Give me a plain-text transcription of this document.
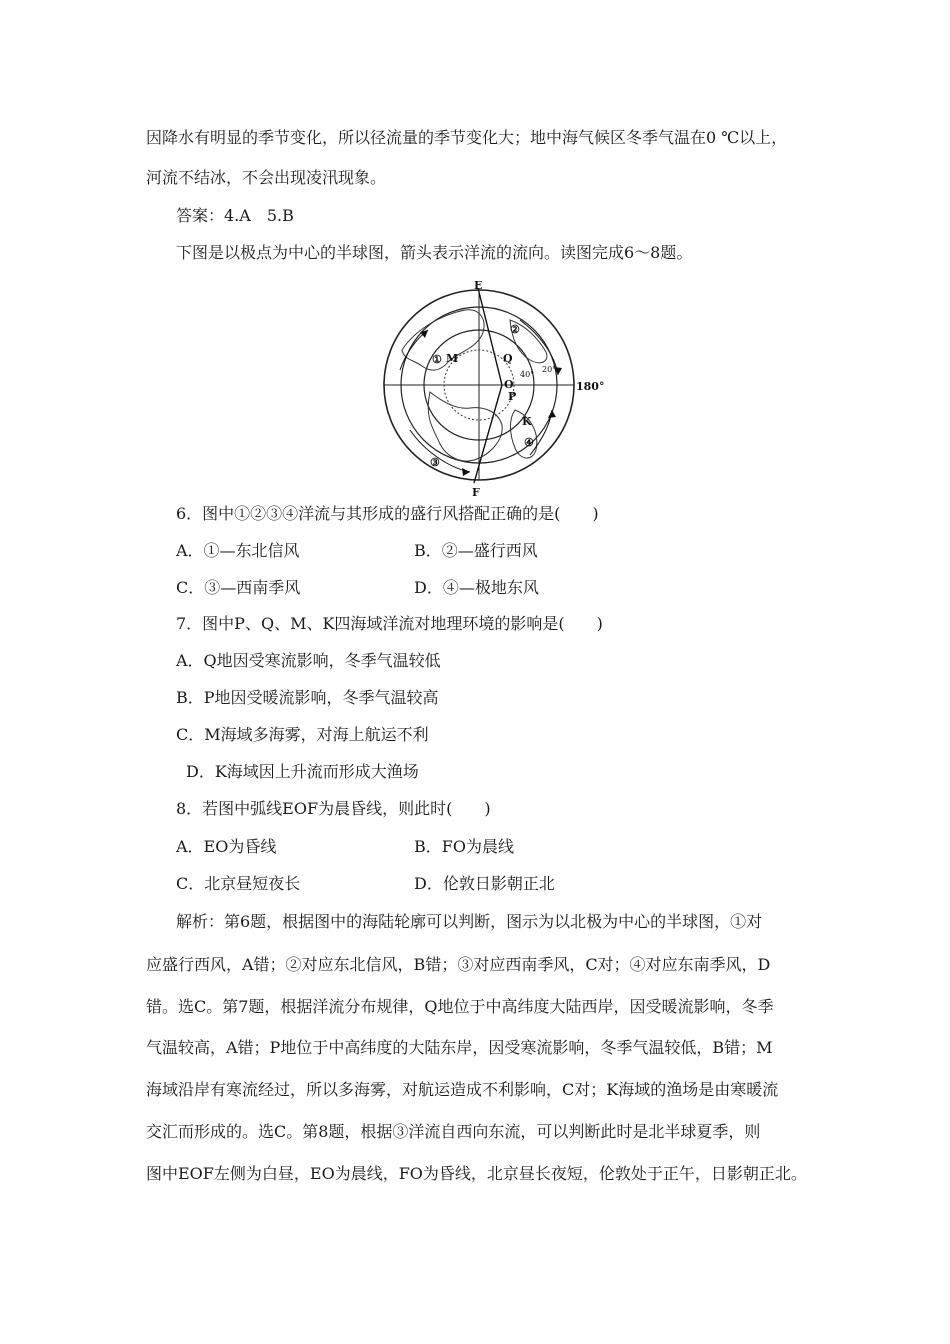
因降水有明显的季节变化，所以径流量的季节变化大；地中海气候区冬季气温在0 ℃以上，
河流不结冰，不会出现凌汛现象。
答案：4.A　5.B
下图是以极点为中心的半球图，箭头表示洋流的流向。读图完成6～8题。
E
F
180°
Q
O
P
K
M
①
②
③
④
40°
20°
6．图中①②③④洋流与其形成的盛行风搭配正确的是(　　)
A．①—东北信风	B．②—盛行西风
C．③—西南季风	D．④—极地东风
7．图中P、Q、M、K四海域洋流对地理环境的影响是(　　)
A．Q地因受寒流影响，冬季气温较低
B．P地因受暖流影响，冬季气温较高
C．M海域多海雾，对海上航运不利
D．K海域因上升流而形成大渔场
8．若图中弧线EOF为晨昏线，则此时(　　)
A．EO为昏线	B．FO为晨线
C．北京昼短夜长	D．伦敦日影朝正北
解析：第6题，根据图中的海陆轮廓可以判断，图示为以北极为中心的半球图，①对
应盛行西风，A错；②对应东北信风，B错；③对应西南季风，C对；④对应东南季风，D
错。选C。第7题，根据洋流分布规律，Q地位于中高纬度大陆西岸，因受暖流影响，冬季
气温较高，A错；P地位于中高纬度的大陆东岸，因受寒流影响，冬季气温较低，B错；M
海域沿岸有寒流经过，所以多海雾，对航运造成不利影响，C对；K海域的渔场是由寒暖流
交汇而形成的。选C。第8题，根据③洋流自西向东流，可以判断此时是北半球夏季，则
图中EOF左侧为白昼，EO为晨线，FO为昏线，北京昼长夜短，伦敦处于正午，日影朝正北。
